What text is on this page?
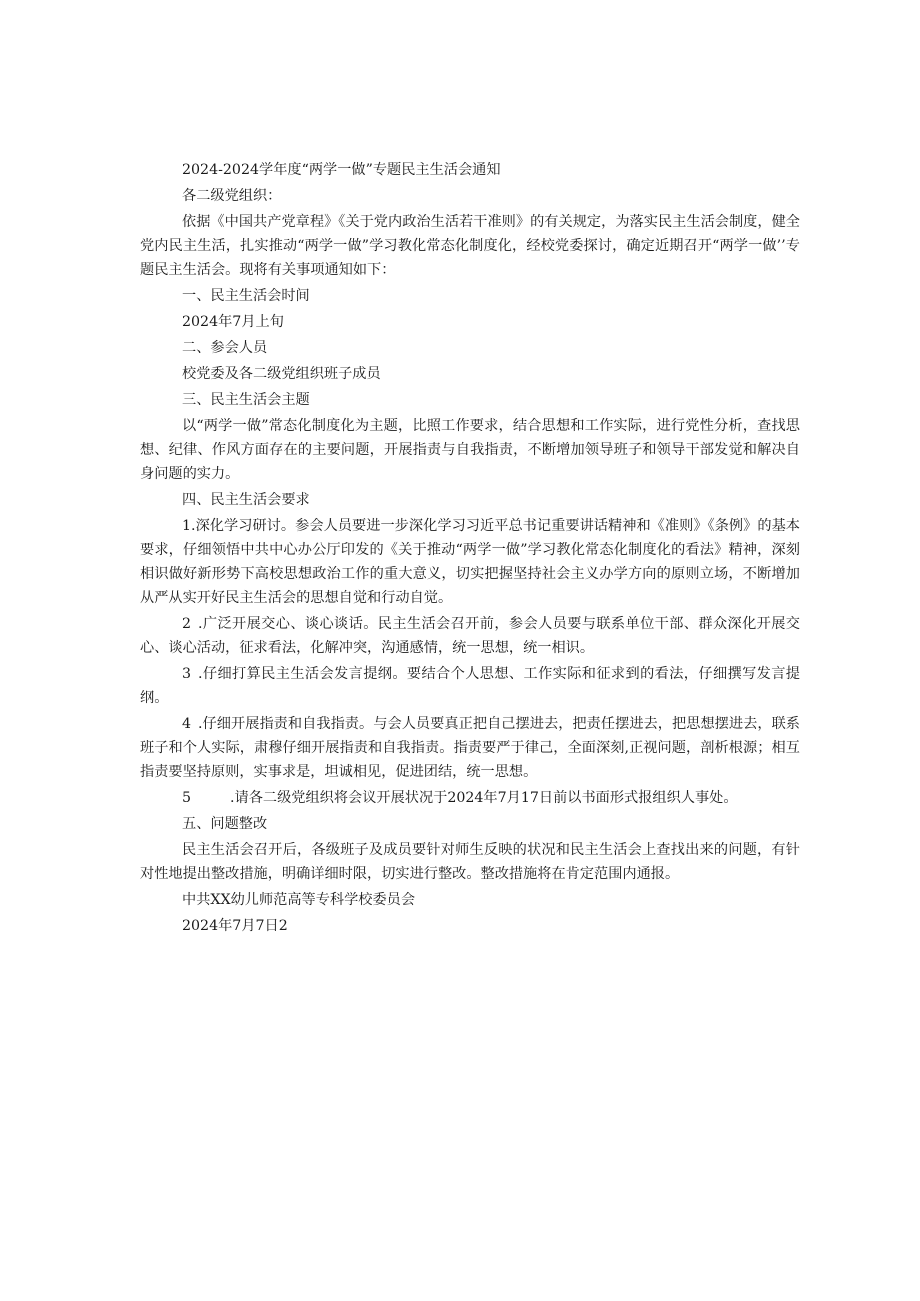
2024-2024学年度“两学一做”专题民主生活会通知
各二级党组织：
依据《中国共产党章程》《关于党内政治生活若干准则》的有关规定，为落实民主生活会制度，健全党内民主生活，扎实推动“两学一做”学习教化常态化制度化，经校党委探讨，确定近期召开“两学一做’’专题民主生活会。现将有关事项通知如下：
一、民主生活会时间
2024年7月上旬
二、参会人员
校党委及各二级党组织班子成员
三、民主生活会主题
以“两学一做”常态化制度化为主题，比照工作要求，结合思想和工作实际，进行党性分析，查找思想、纪律、作风方面存在的主要问题，开展指责与自我指责，不断增加领导班子和领导干部发觉和解决自身问题的实力。
四、民主生活会要求
1.深化学习研讨。参会人员要进一步深化学习习近平总书记重要讲话精神和《准则》《条例》的基本要求，仔细领悟中共中心办公厅印发的《关于推动“两学一做”学习教化常态化制度化的看法》精神，深刻相识做好新形势下高校思想政治工作的重大意义，切实把握坚持社会主义办学方向的原则立场，不断增加从严从实开好民主生活会的思想自觉和行动自觉。
2 .广泛开展交心、谈心谈话。民主生活会召开前，参会人员要与联系单位干部、群众深化开展交心、谈心活动，征求看法，化解冲突，沟通感情，统一思想，统一相识。
3 .仔细打算民主生活会发言提纲。要结合个人思想、工作实际和征求到的看法，仔细撰写发言提纲。
4 .仔细开展指责和自我指责。与会人员要真正把自己摆进去，把责任摆进去，把思想摆进去，联系班子和个人实际，肃穆仔细开展指责和自我指责。指责要严于律己，全面深刻,正视问题，剖析根源；相互指责要坚持原则，实事求是，坦诚相见，促进团结，统一思想。
5	.请各二级党组织将会议开展状况于2024年7月17日前以书面形式报组织人事处。
五、问题整改
民主生活会召开后，各级班子及成员要针对师生反映的状况和民主生活会上查找出来的问题，有针对性地提出整改措施，明确详细时限，切实进行整改。整改措施将在肯定范围内通报。
中共XX幼儿师范高等专科学校委员会
2024年7月7日2
